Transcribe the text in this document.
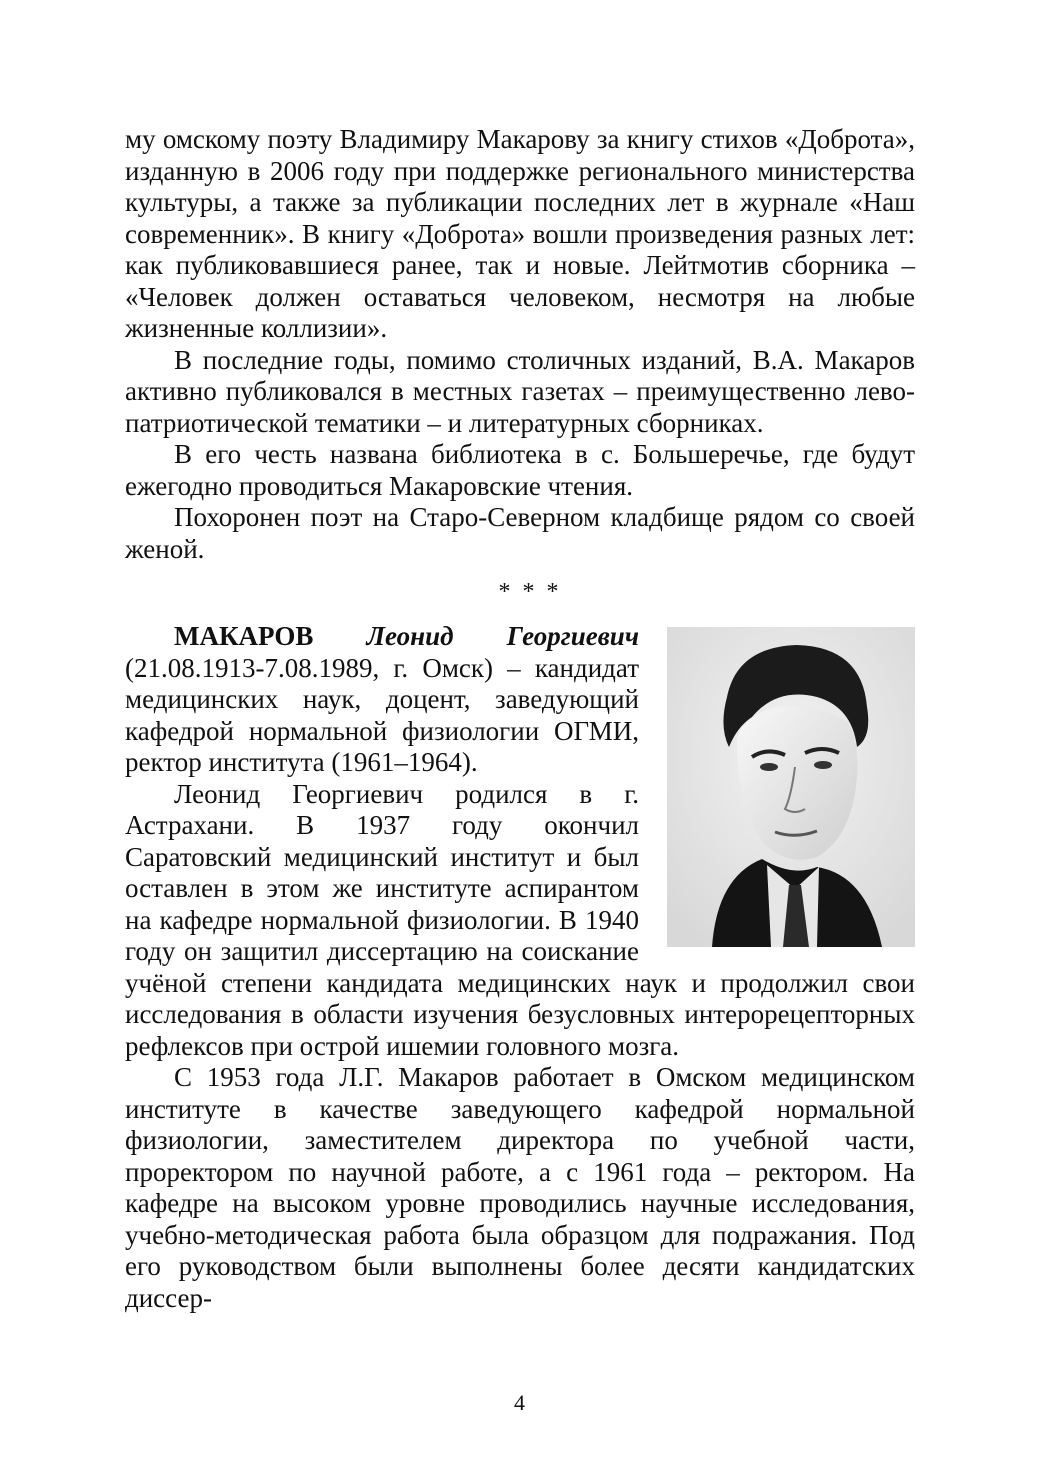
му омскому поэту Владимиру Макарову за книгу стихов «Доброта», изданную в 2006 году при поддержке регионального министерства культуры, а также за публикации последних лет в журнале «Наш современник». В книгу «Доброта» вошли произведения разных лет: как публиковавшиеся ранее, так и новые. Лейтмотив сборника – «Человек должен оставаться человеком, несмотря на любые жизненные коллизии».

В последние годы, помимо столичных изданий, В.А. Макаров активно публиковался в местных газетах – преимущественно лево-патриотической тематики – и литературных сборниках.

В его честь названа библиотека в с. Большеречье, где будут ежегодно проводиться Макаровские чтения.

Похоронен поэт на Старо-Северном кладбище рядом со своей женой.

* * *

МАКАРОВ Леонид Георгиевич (21.08.1913-7.08.1989, г. Омск) – кандидат медицинских наук, доцент, заведующий кафедрой нормальной физиологии ОГМИ, ректор института (1961–1964).

Леонид Георгиевич родился в г. Астрахани. В 1937 году окончил Саратовский медицинский институт и был оставлен в этом же институте аспирантом на кафедре нормальной физиологии. В 1940 году он защитил диссертацию на соискание учёной степени кандидата медицинских наук и продолжил свои исследования в области изучения безусловных интерорецепторных рефлексов при острой ишемии головного мозга.

С 1953 года Л.Г. Макаров работает в Омском медицинском институте в качестве заведующего кафедрой нормальной физиологии, заместителем директора по учебной части, проректором по научной работе, а с 1961 года – ректором. На кафедре на высоком уровне проводились научные исследования, учебно-методическая работа была образцом для подражания. Под его руководством были выполнены более десяти кандидатских диссер-

4
